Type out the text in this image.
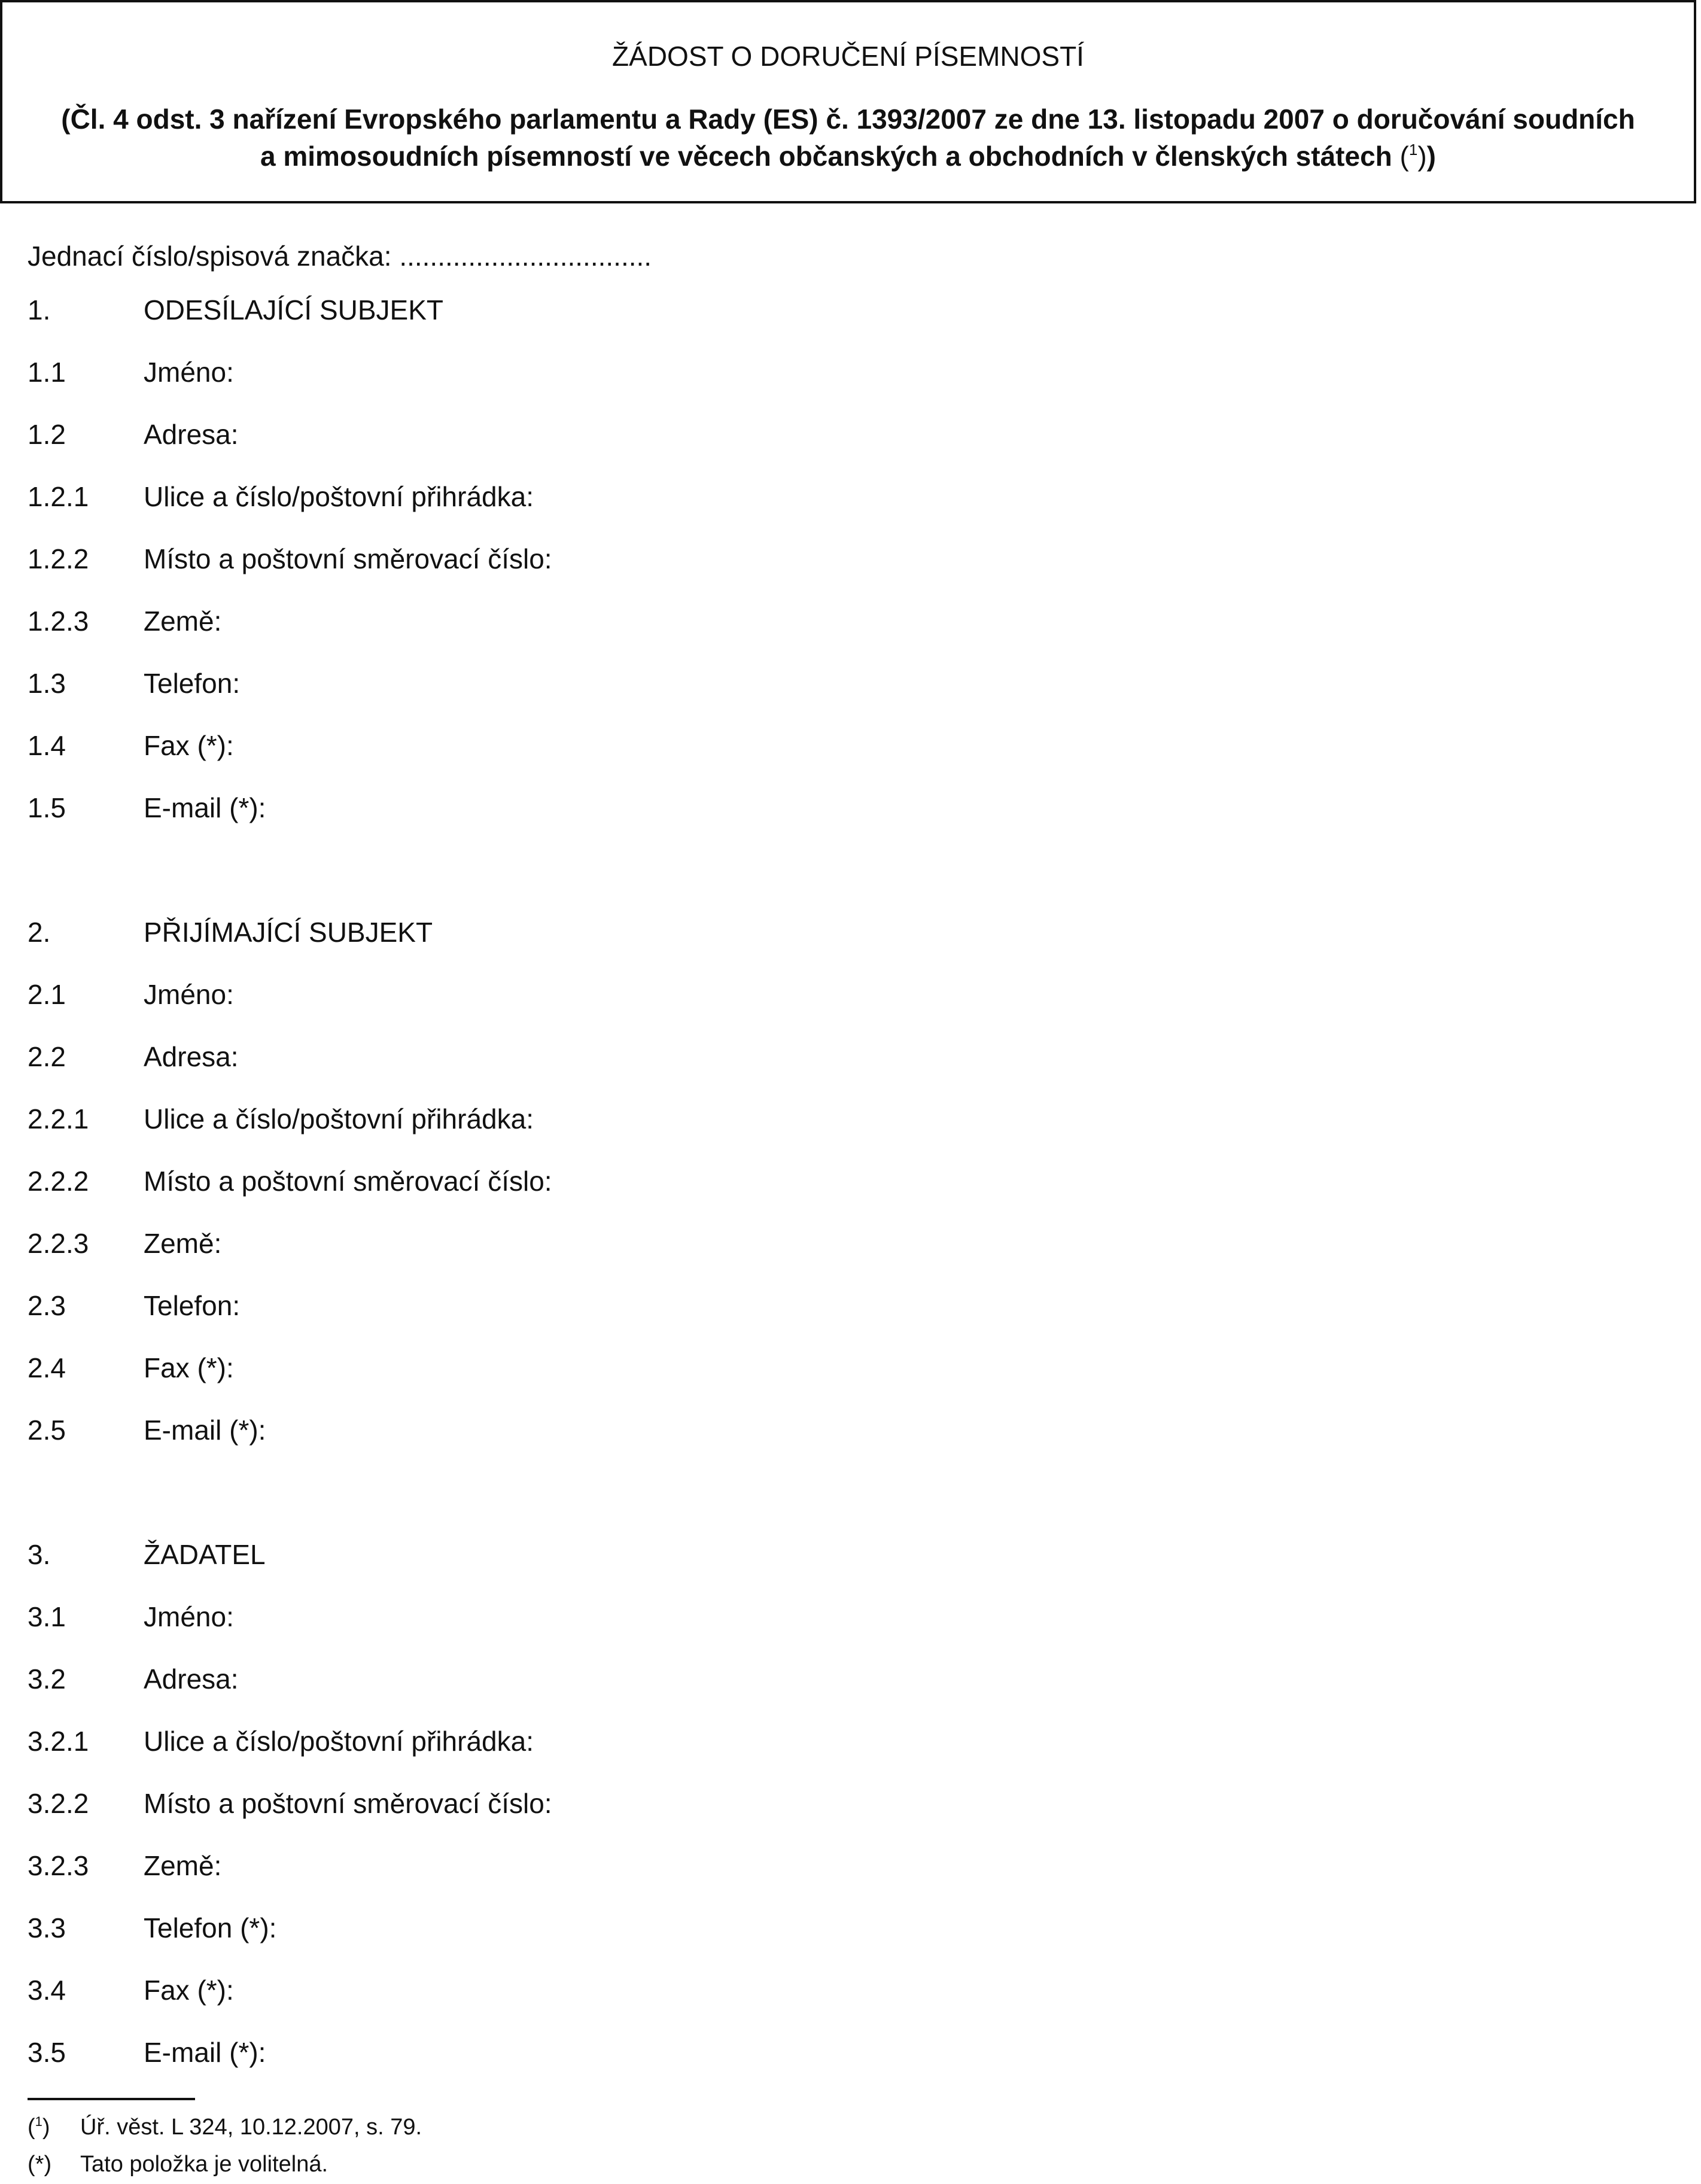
ŽÁDOST O DORUČENÍ PÍSEMNOSTÍ
(Čl. 4 odst. 3 nařízení Evropského parlamentu a Rady (ES) č. 1393/2007 ze dne 13. listopadu 2007 o doručování soudních
a mimosoudních písemností ve věcech občanských a obchodních v členských státech ($^1$))
Jednací číslo/spisová značka: .................................
1.	ODESÍLAJÍCÍ SUBJEKT
1.1	Jméno:
1.2	Adresa:
1.2.1 Ulice a číslo/poštovní přihrádka:
1.2.2 Místo a poštovní směrovací číslo:
1.2.3 Země:
1.3	Telefon:
1.4	Fax (*):
1.5	E-mail (*):
2.	PŘIJÍMAJÍCÍ SUBJEKT
2.1	Jméno:
2.2	Adresa:
2.2.1 Ulice a číslo/poštovní přihrádka:
2.2.2 Místo a poštovní směrovací číslo:
2.2.3 Země:
2.3	Telefon:
2.4	Fax (*):
2.5	E-mail (*):
3.	ŽADATEL
3.1	Jméno:
3.2	Adresa:
3.2.1 Ulice a číslo/poštovní přihrádka:
3.2.2 Místo a poštovní směrovací číslo:
3.2.3 Země:
3.3	Telefon (*):
3.4	Fax (*):
3.5	E-mail (*):
($^1$) Úř. věst. L 324, 10.12.2007, s. 79.
(*) Tato položka je volitelná.
